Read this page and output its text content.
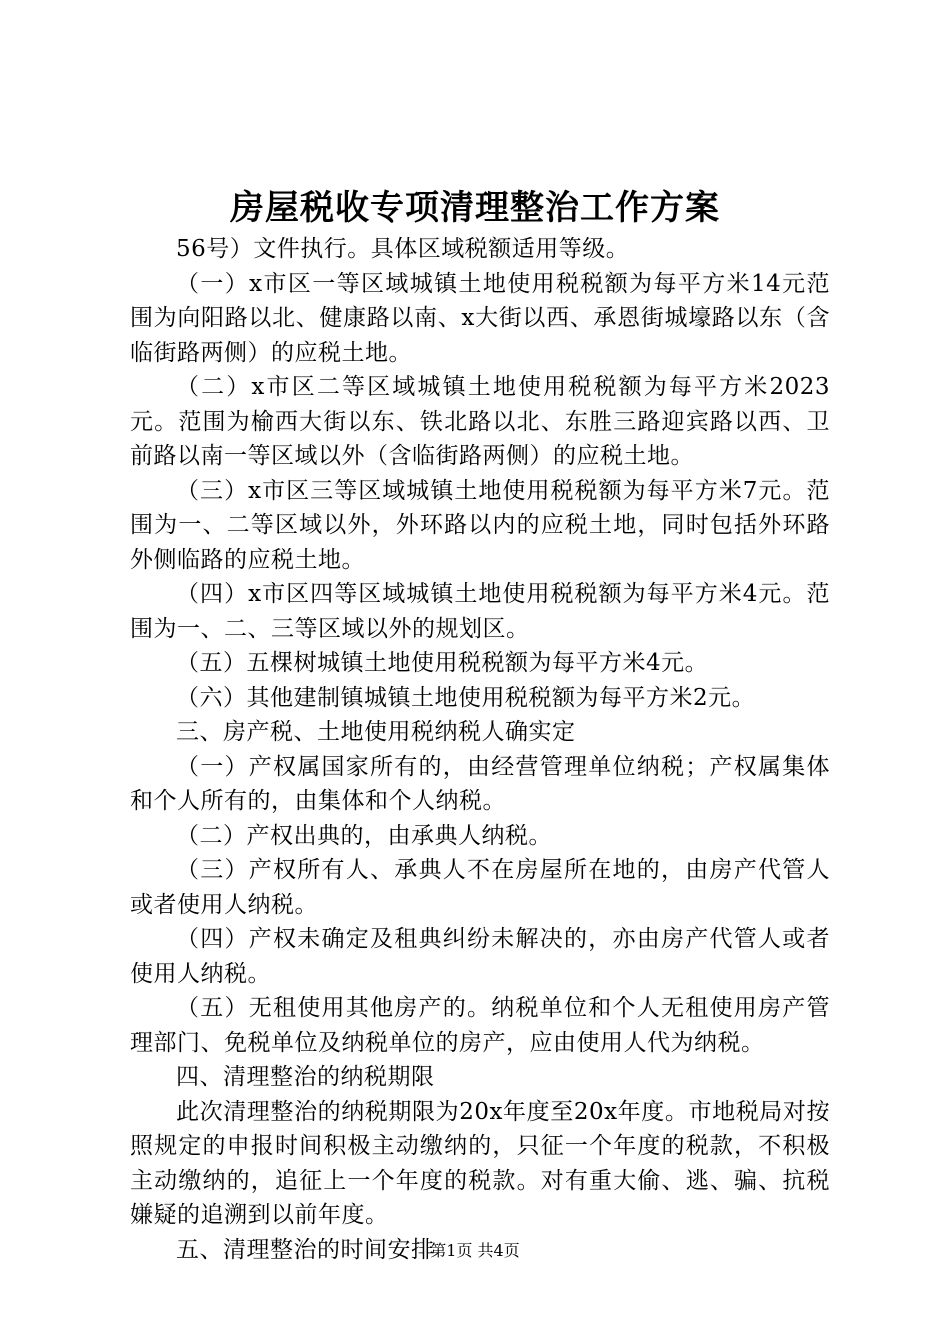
房屋税收专项清理整治工作方案

56号）文件执行。具体区域税额适用等级。

（一）x市区一等区域城镇土地使用税税额为每平方米14元范围为向阳路以北、健康路以南、x大街以西、承恩街城壕路以东（含临街路两侧）的应税土地。

（二）x市区二等区域城镇土地使用税税额为每平方米2023元。范围为榆西大街以东、铁北路以北、东胜三路迎宾路以西、卫前路以南一等区域以外（含临街路两侧）的应税土地。

（三）x市区三等区域城镇土地使用税税额为每平方米7元。范围为一、二等区域以外，外环路以内的应税土地，同时包括外环路外侧临路的应税土地。

（四）x市区四等区域城镇土地使用税税额为每平方米4元。范围为一、二、三等区域以外的规划区。

（五）五棵树城镇土地使用税税额为每平方米4元。

（六）其他建制镇城镇土地使用税税额为每平方米2元。

三、房产税、土地使用税纳税人确实定

（一）产权属国家所有的，由经营管理单位纳税；产权属集体和个人所有的，由集体和个人纳税。

（二）产权出典的，由承典人纳税。

（三）产权所有人、承典人不在房屋所在地的，由房产代管人或者使用人纳税。

（四）产权未确定及租典纠纷未解决的，亦由房产代管人或者使用人纳税。

（五）无租使用其他房产的。纳税单位和个人无租使用房产管理部门、免税单位及纳税单位的房产，应由使用人代为纳税。

四、清理整治的纳税期限

此次清理整治的纳税期限为20x年度至20x年度。市地税局对按照规定的申报时间积极主动缴纳的，只征一个年度的税款，不积极主动缴纳的，追征上一个年度的税款。对有重大偷、逃、骗、抗税嫌疑的追溯到以前年度。

五、清理整治的时间安排

第1页 共4页
